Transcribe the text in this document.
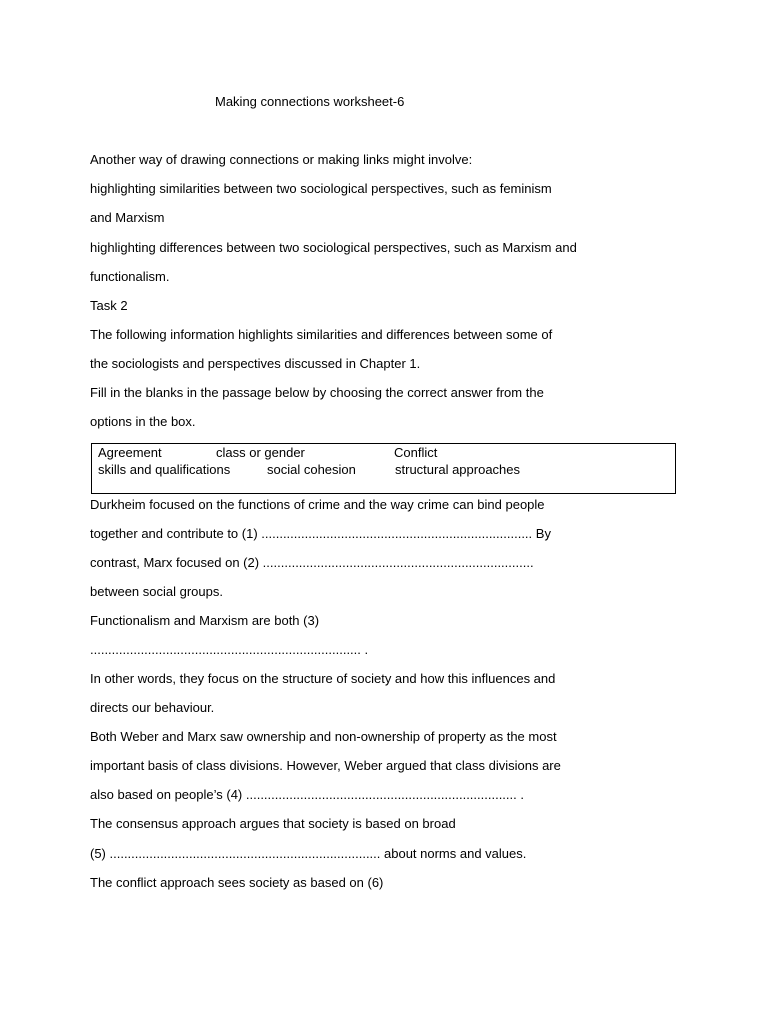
Making connections worksheet-6
Another way of drawing connections or making links might involve:
highlighting similarities between two sociological perspectives, such as feminism
and Marxism
highlighting differences between two sociological perspectives, such as Marxism and
functionalism.
Task 2
The following information highlights similarities and differences between some of
the sociologists and perspectives discussed in Chapter 1.
Fill in the blanks in the passage below by choosing the correct answer from the
options in the box.
Agreement	class or gender	Conflict
skills and qualifications	social cohesion	structural approaches
Durkheim focused on the functions of crime and the way crime can bind people
together and contribute to (1) ........................................................................... By
contrast, Marx focused on (2) ...........................................................................
between social groups.
Functionalism and Marxism are both (3)
........................................................................... .
In other words, they focus on the structure of society and how this influences and
directs our behaviour.
Both Weber and Marx saw ownership and non-ownership of property as the most
important basis of class divisions. However, Weber argued that class divisions are
also based on people’s (4) ........................................................................... .
The consensus approach argues that society is based on broad
(5) ........................................................................... about norms and values.
The conflict approach sees society as based on (6)
